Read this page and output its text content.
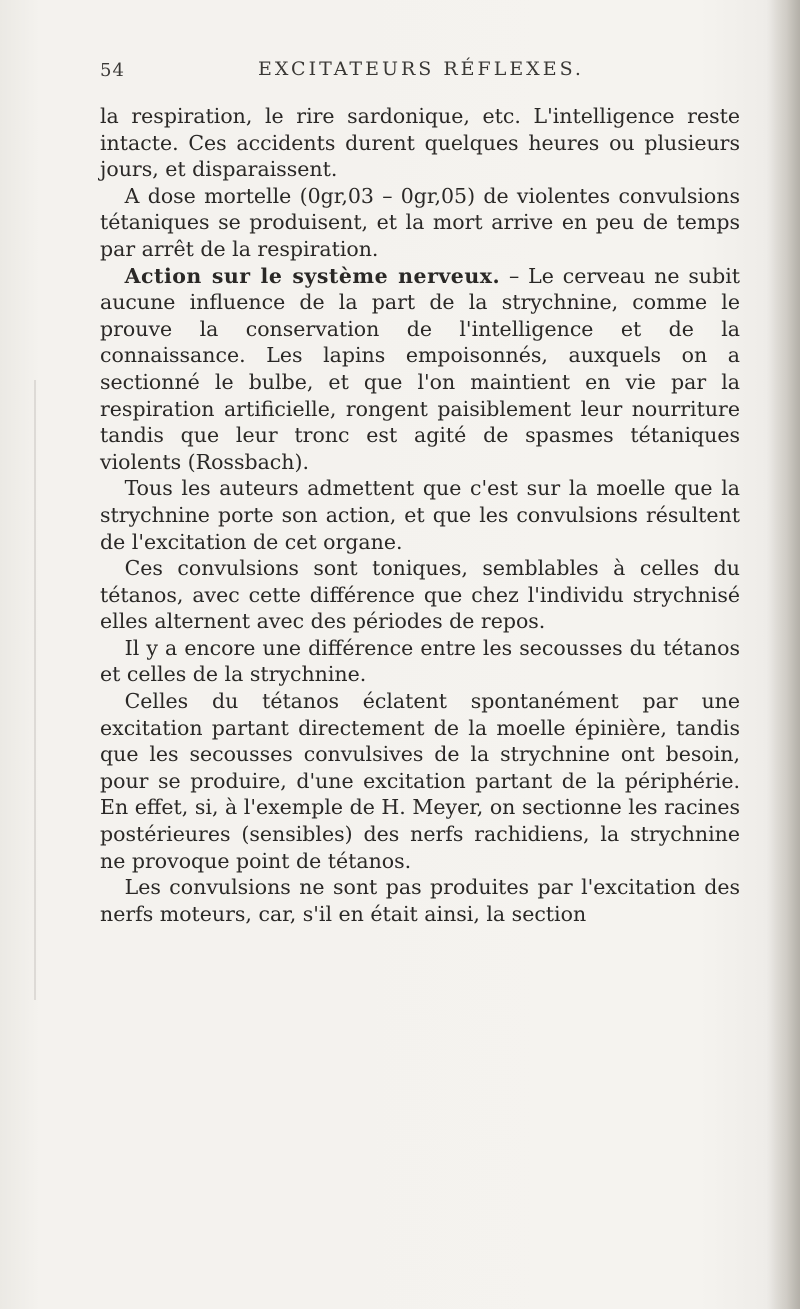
54	EXCITATEURS RÉFLEXES.

la respiration, le rire sardonique, etc. L'intelligence reste intacte. Ces accidents durent quelques heures ou plusieurs jours, et disparaissent.

A dose mortelle (0gr,03 – 0gr,05) de violentes convulsions tétaniques se produisent, et la mort arrive en peu de temps par arrêt de la respiration.

Action sur le système nerveux. – Le cerveau ne subit aucune influence de la part de la strychnine, comme le prouve la conservation de l'intelligence et de la connaissance. Les lapins empoisonnés, auxquels on a sectionné le bulbe, et que l'on maintient en vie par la respiration artificielle, rongent paisiblement leur nourriture tandis que leur tronc est agité de spasmes tétaniques violents (Rossbach).

Tous les auteurs admettent que c'est sur la moelle que la strychnine porte son action, et que les convulsions résultent de l'excitation de cet organe.

Ces convulsions sont toniques, semblables à celles du tétanos, avec cette différence que chez l'individu strychnisé elles alternent avec des périodes de repos.

Il y a encore une différence entre les secousses du tétanos et celles de la strychnine.

Celles du tétanos éclatent spontanément par une excitation partant directement de la moelle épinière, tandis que les secousses convulsives de la strychnine ont besoin, pour se produire, d'une excitation partant de la périphérie. En effet, si, à l'exemple de H. Meyer, on sectionne les racines postérieures (sensibles) des nerfs rachidiens, la strychnine ne provoque point de tétanos.

Les convulsions ne sont pas produites par l'excitation des nerfs moteurs, car, s'il en était ainsi, la section
